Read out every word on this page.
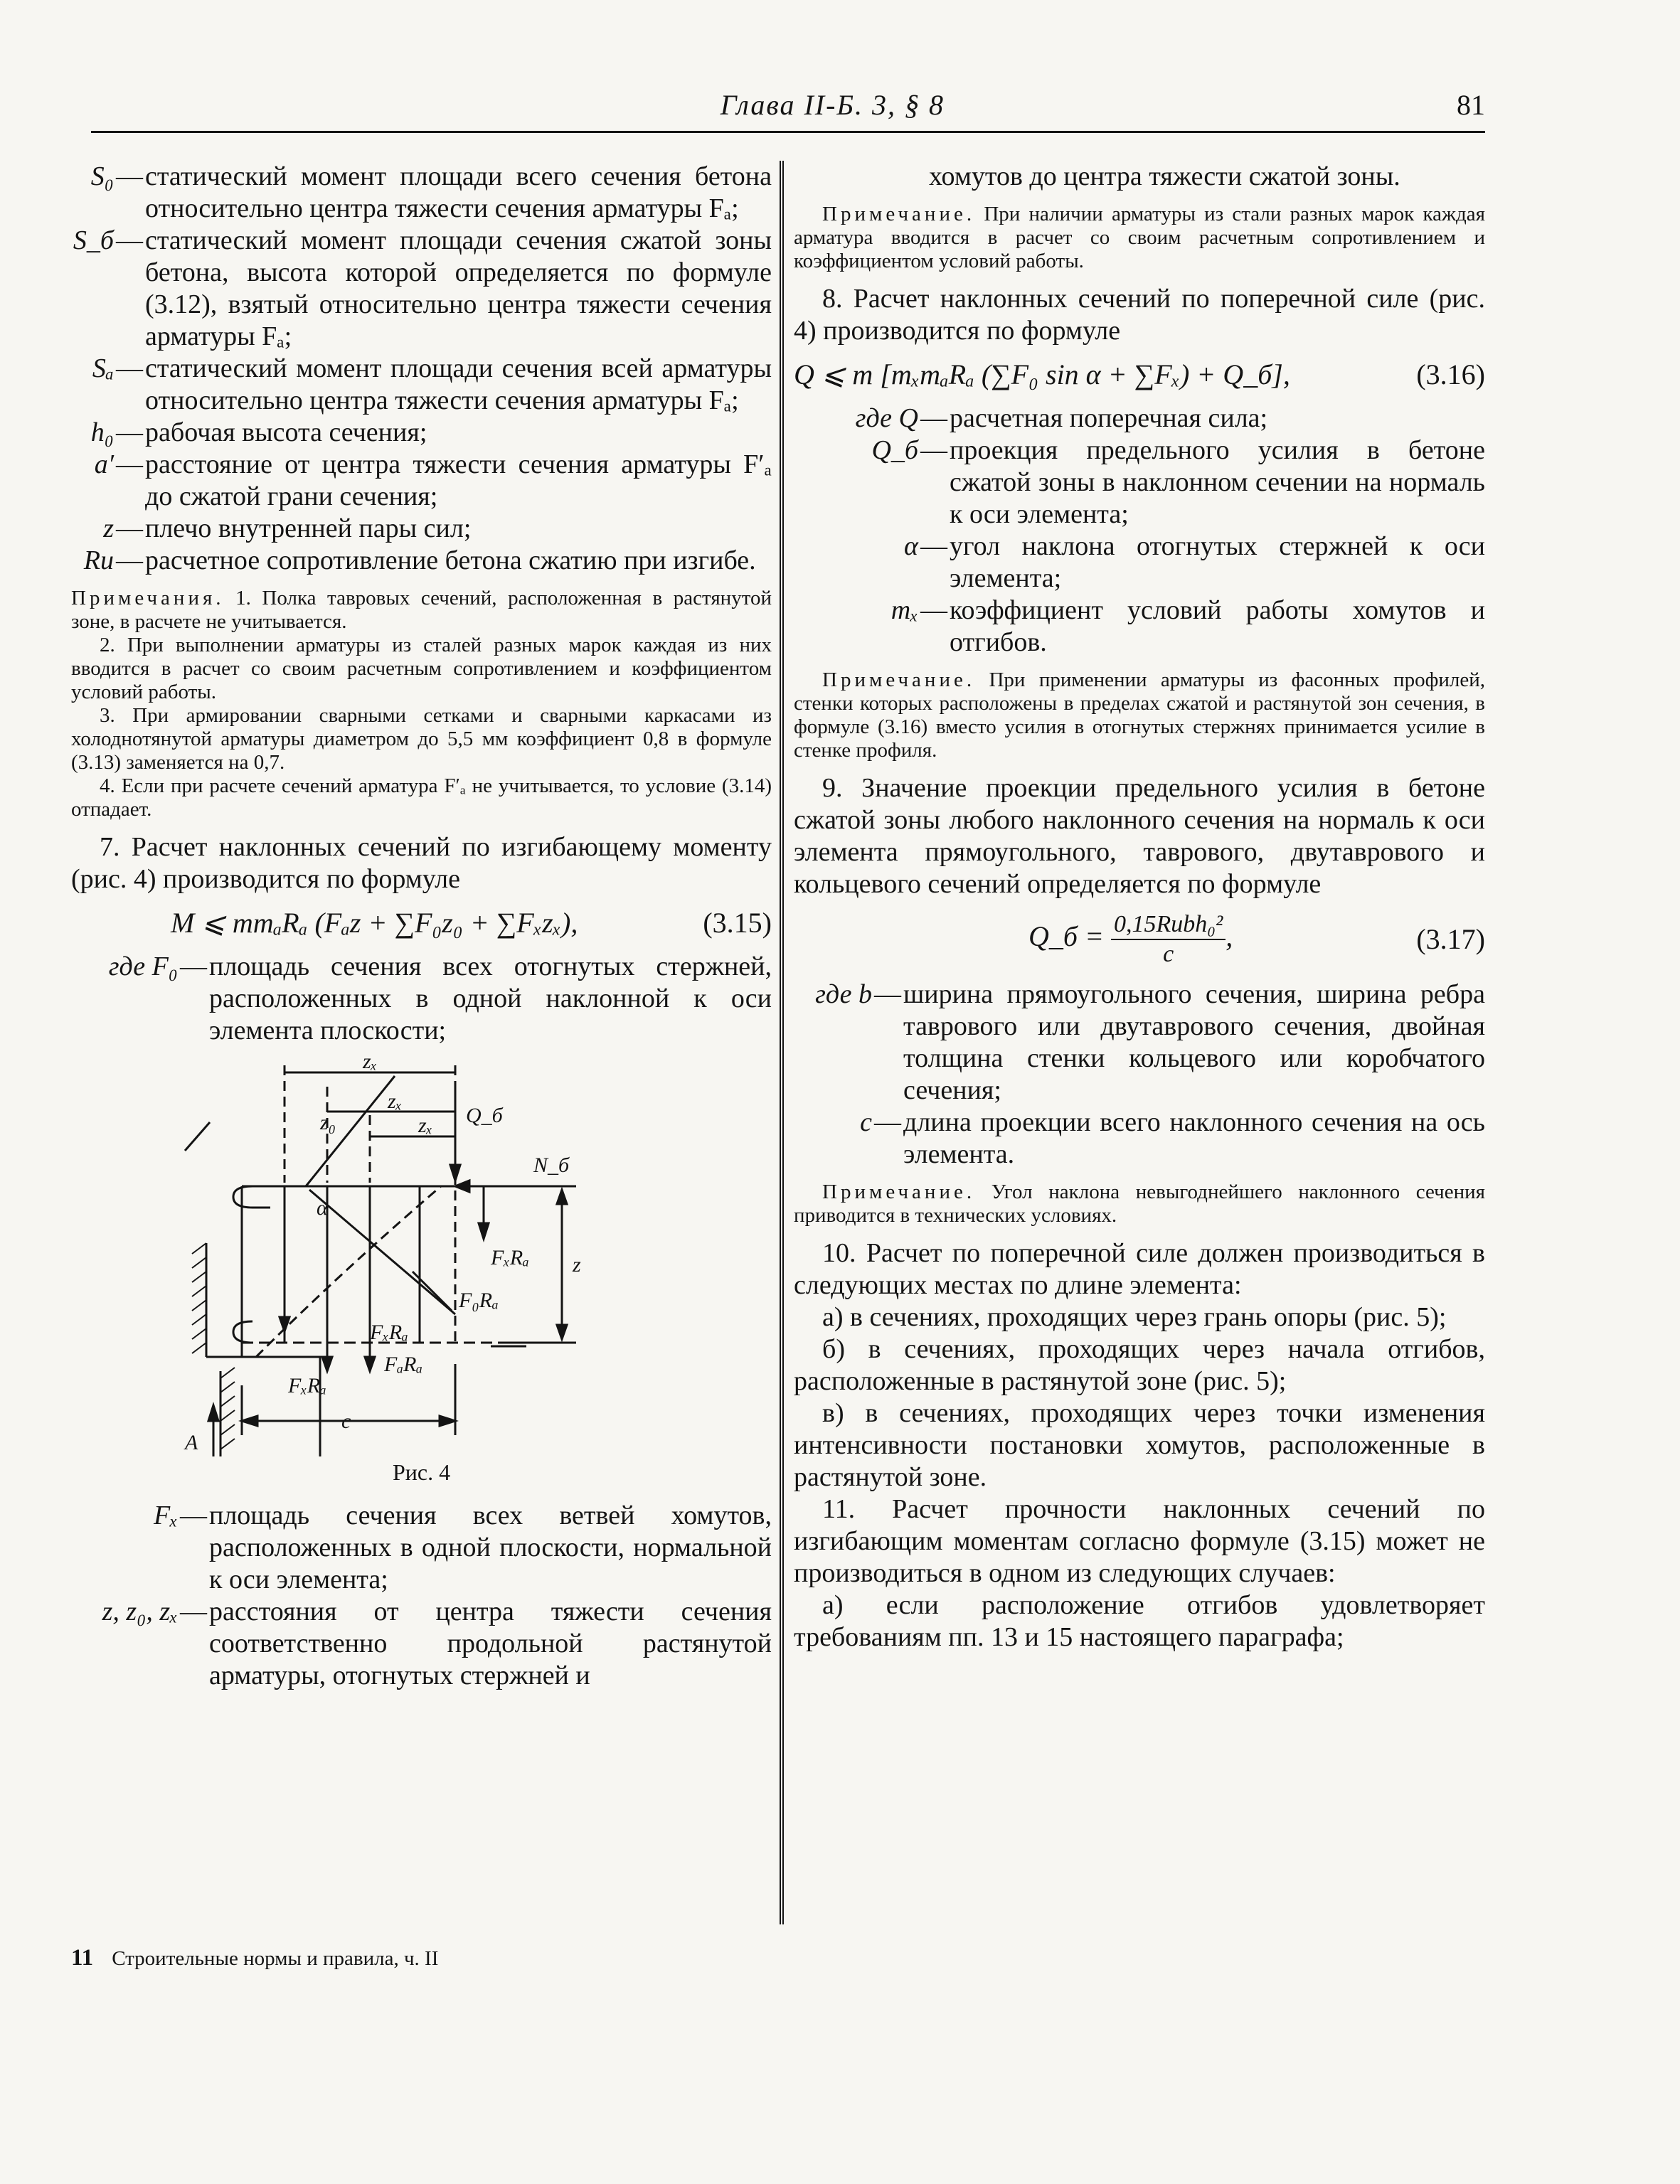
Глава II-Б. 3, § 8	81
S₀ — статический момент площади всего сечения бетона относительно центра тяжести сечения арматуры Fₐ;
S_б — статический момент площади сечения сжатой зоны бетона, высота которой определяется по формуле (3.12), взятый относительно центра тяжести сечения арматуры Fₐ;
Sₐ — статический момент площади сечения всей арматуры относительно центра тяжести сечения арматуры Fₐ;
h₀ — рабочая высота сечения;
a′ — расстояние от центра тяжести сечения арматуры F′ₐ до сжатой грани сечения;
z — плечо внутренней пары сил;
Rи — расчетное сопротивление бетона сжатию при изгибе.

Примечания. 1. Полка тавровых сечений, расположенная в растянутой зоне, в расчете не учитывается.

2. При выполнении арматуры из сталей разных марок каждая из них вводится в расчет со своим расчетным сопротивлением и коэффициентом условий работы.

3. При армировании сварными сетками и сварными каркасами из холоднотянутой арматуры диаметром до 5,5 мм коэффициент 0,8 в формуле (3.13) заменяется на 0,7.

4. Если при расчете сечений арматура F′ₐ не учитывается, то условие (3.14) отпадает.

7. Расчет наклонных сечений по изгибающему моменту (рис. 4) производится по формуле

M ⩽ mmₐRₐ (Fₐz + ∑F₀z₀ + ∑Fₓzₓ),	(3.15)
где F₀ — площадь сечения всех отогнутых стержней, расположенных в одной наклонной к оси элемента плоскости;
zₓ
zₓ
zₓ
z₀	Q_б
N_б
α
FₓRₐ
F₀Rₐ
FₓRₐ
FₓRₐ
FₐRₐ
z
c
A
Рис. 4
Fₓ — площадь сечения всех ветвей хомутов, расположенных в одной плоскости, нормальной к оси элемента;
z, z₀, zₓ — расстояния от центра тяжести сечения соответственно продольной растянутой арматуры, отогнутых стержней и

хомутов до центра тяжести сжатой зоны.

Примечание. При наличии арматуры из стали разных марок каждая арматура вводится в расчет со своим расчетным сопротивлением и коэффициентом условий работы.

8. Расчет наклонных сечений по поперечной силе (рис. 4) производится по формуле

Q ⩽ m [mₓmₐRₐ (∑F₀ sin α + ∑Fₓ) + Q_б],	(3.16)
где Q — расчетная поперечная сила;
Q_б — проекция предельного усилия в бетоне сжатой зоны в наклонном сечении на нормаль к оси элемента;
α — угол наклона отогнутых стержней к оси элемента;
mₓ — коэффициент условий работы хомутов и отгибов.

Примечание. При применении арматуры из фасонных профилей, стенки которых расположены в пределах сжатой и растянутой зон сечения, в формуле (3.16) вместо усилия в отогнутых стержнях принимается усилие в стенке профиля.

9. Значение проекции предельного усилия в бетоне сжатой зоны любого наклонного сечения на нормаль к оси элемента прямоугольного, таврового, двутаврового и кольцевого сечений определяется по формуле

Q_б = $\frac{\text{0,15Rиbh₀²}}{c}$ ,	(3.17)
где b — ширина прямоугольного сечения, ширина ребра таврового или двутаврового сечения, двойная толщина стенки кольцевого или коробчатого сечения;
c — длина проекции всего наклонного сечения на ось элемента.

Примечание. Угол наклона невыгоднейшего наклонного сечения приводится в технических условиях.

10. Расчет по поперечной силе должен производиться в следующих местах по длине элемента:

а) в сечениях, проходящих через грань опоры (рис. 5);

б) в сечениях, проходящих через начала отгибов, расположенные в растянутой зоне (рис. 5);

в) в сечениях, проходящих через точки изменения интенсивности постановки хомутов, расположенные в растянутой зоне.

11. Расчет прочности наклонных сечений по изгибающим моментам согласно формуле (3.15) может не производиться в одном из следующих случаев:

а) если расположение отгибов удовлетворяет требованиям пп. 13 и 15 настоящего параграфа;

11 Строительные нормы и правила, ч. II
